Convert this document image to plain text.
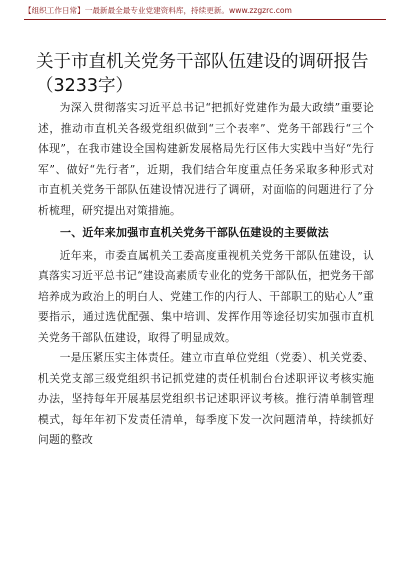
【组织工作日常】一最新最全最专业党建资料库，持续更新。www.zzgzrc.com
关于市直机关党务干部队伍建设的调研报告（3233字）

为深入贯彻落实习近平总书记“把抓好党建作为最大政绩”重要论述，推动市直机关各级党组织做到“三个表率”、党务干部践行“三个体现”，在我市建设全国构建新发展格局先行区伟大实践中当好“先行军”、做好“先行者”，近期，我们结合年度重点任务采取多种形式对市直机关党务干部队伍建设情况进行了调研，对面临的问题进行了分析梳理，研究提出对策措施。

一、近年来加强市直机关党务干部队伍建设的主要做法

近年来，市委直属机关工委高度重视机关党务干部队伍建设，认真落实习近平总书记“建设高素质专业化的党务干部队伍，把党务干部培养成为政治上的明白人、党建工作的内行人、干部职工的贴心人”重要指示，通过选优配强、集中培训、发挥作用等途径切实加强市直机关党务干部队伍建设，取得了明显成效。

一是压紧压实主体责任。建立市直单位党组（党委）、机关党委、机关党支部三级党组织书记抓党建的责任机制台台述职评议考核实施办法，坚持每年开展基层党组织书记述职评议考核。推行清单制管理模式，每年年初下发责任清单，每季度下发一次问题清单，持续抓好问题的整改
